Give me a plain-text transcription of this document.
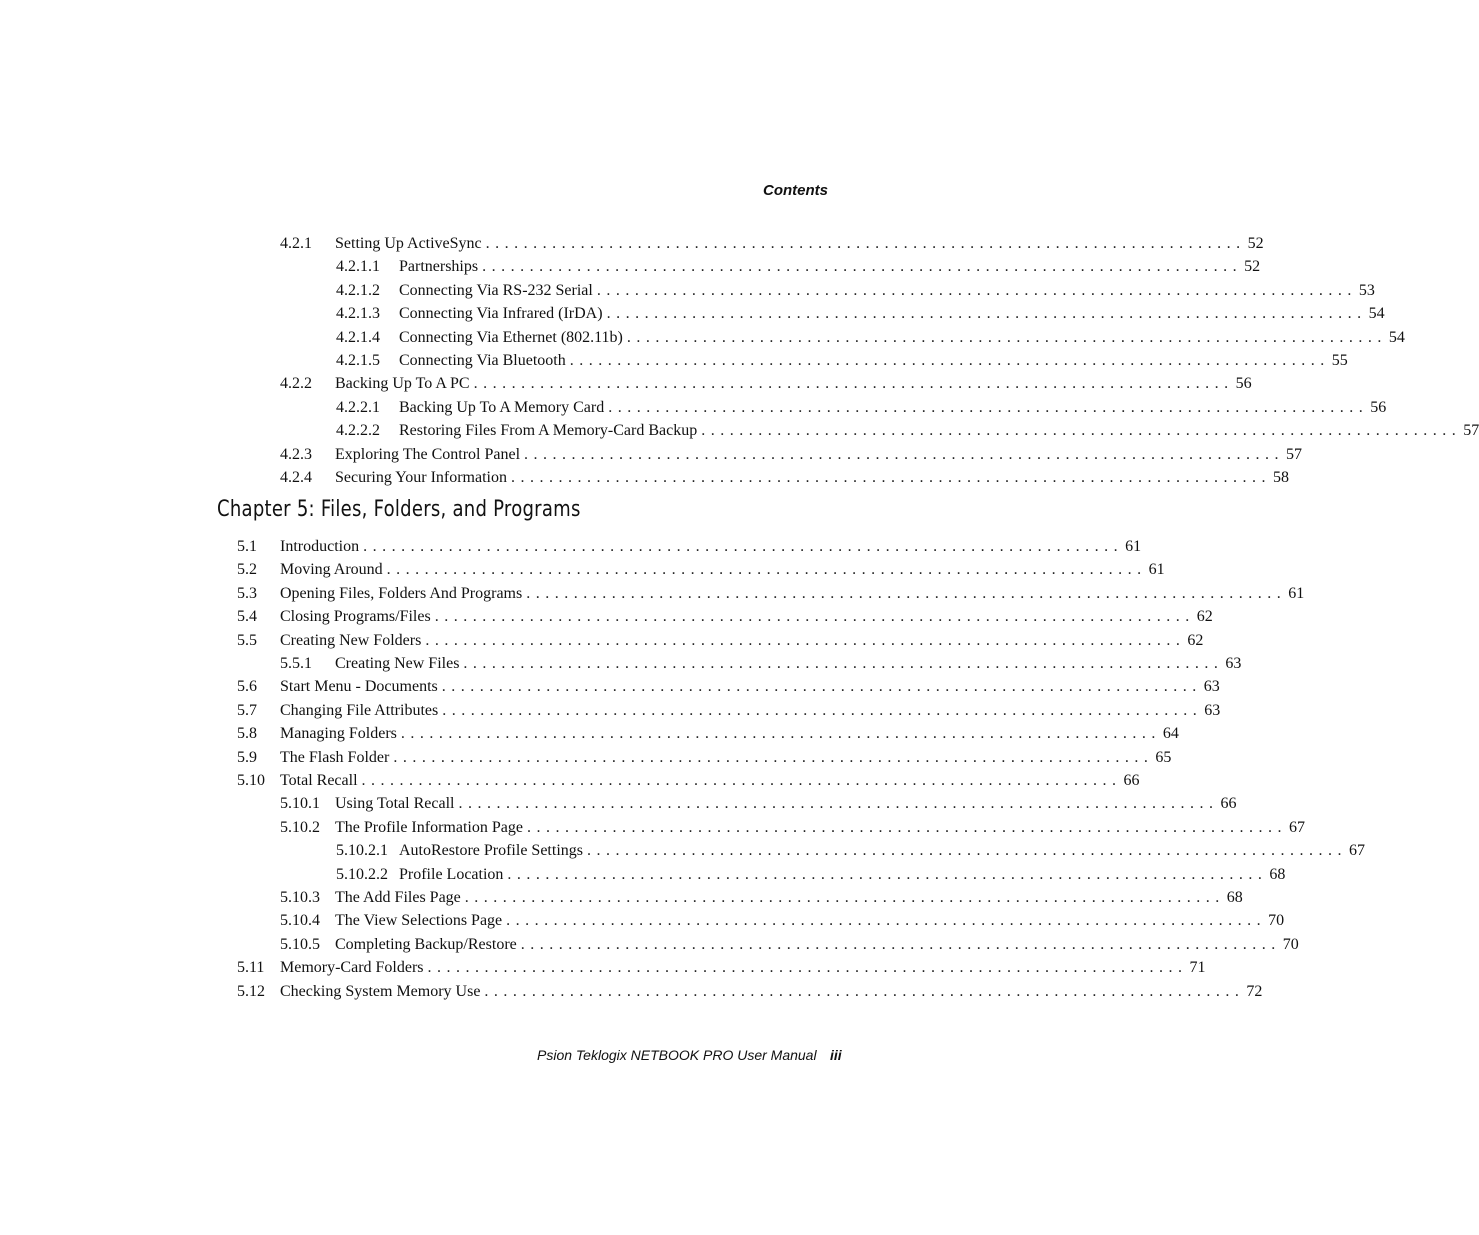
Contents
4.2.1 Setting Up ActiveSync ................................................................................ 52
4.2.1.1 Partnerships ................................................................................ 52
4.2.1.2 Connecting Via RS-232 Serial ................................................................................ 53
4.2.1.3 Connecting Via Infrared (IrDA) ................................................................................ 54
4.2.1.4 Connecting Via Ethernet (802.11b) ................................................................................ 54
4.2.1.5 Connecting Via Bluetooth ................................................................................ 55
4.2.2 Backing Up To A PC ................................................................................ 56
4.2.2.1 Backing Up To A Memory Card ................................................................................ 56
4.2.2.2 Restoring Files From A Memory-Card Backup ................................................................................ 57
4.2.3 Exploring The Control Panel ................................................................................ 57
4.2.4 Securing Your Information ................................................................................ 58
Chapter 5: Files, Folders, and Programs
5.1 Introduction ................................................................................ 61
5.2 Moving Around ................................................................................ 61
5.3 Opening Files, Folders And Programs ................................................................................ 61
5.4 Closing Programs/Files ................................................................................ 62
5.5 Creating New Folders ................................................................................ 62
5.5.1 Creating New Files ................................................................................ 63
5.6 Start Menu - Documents ................................................................................ 63
5.7 Changing File Attributes ................................................................................ 63
5.8 Managing Folders ................................................................................ 64
5.9 The Flash Folder ................................................................................ 65
5.10 Total Recall ................................................................................ 66
5.10.1 Using Total Recall ................................................................................ 66
5.10.2 The Profile Information Page ................................................................................ 67
5.10.2.1 AutoRestore Profile Settings ................................................................................ 67
5.10.2.2 Profile Location ................................................................................ 68
5.10.3 The Add Files Page ................................................................................ 68
5.10.4 The View Selections Page ................................................................................ 70
5.10.5 Completing Backup/Restore ................................................................................ 70
5.11 Memory-Card Folders ................................................................................ 71
5.12 Checking System Memory Use ................................................................................ 72
Psion Teklogix NETBOOK PRO User Manual iii
